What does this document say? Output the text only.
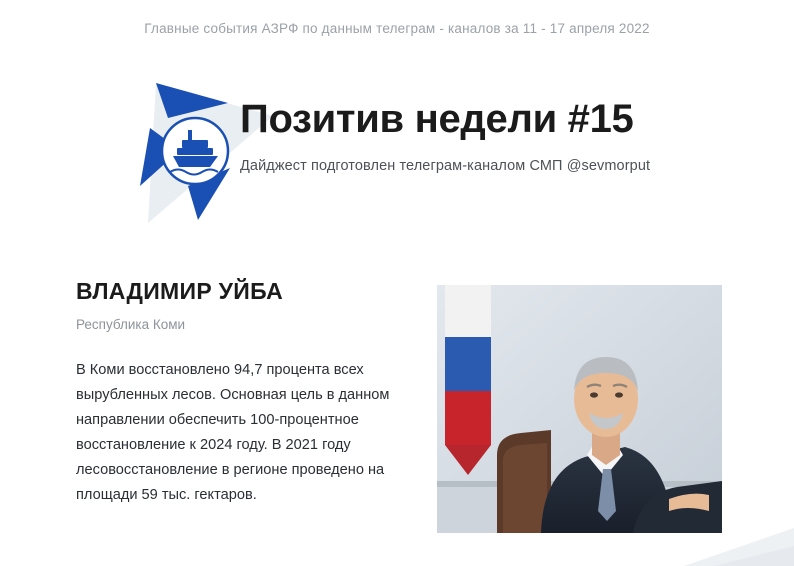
Главные события АЗРФ по данным телеграм - каналов за 11 - 17 апреля 2022
Позитив недели #15

Дайджест подготовлен телеграм-каналом СМП @sevmorput

ВЛАДИМИР УЙБА

Республика Коми

В Коми восстановлено 94,7 процента всех вырубленных лесов. Основная цель в данном направлении обеспечить 100-процентное восстановление к 2024 году. В 2021 году лесовосстановление в регионе проведено на площади 59 тыс. гектаров.
